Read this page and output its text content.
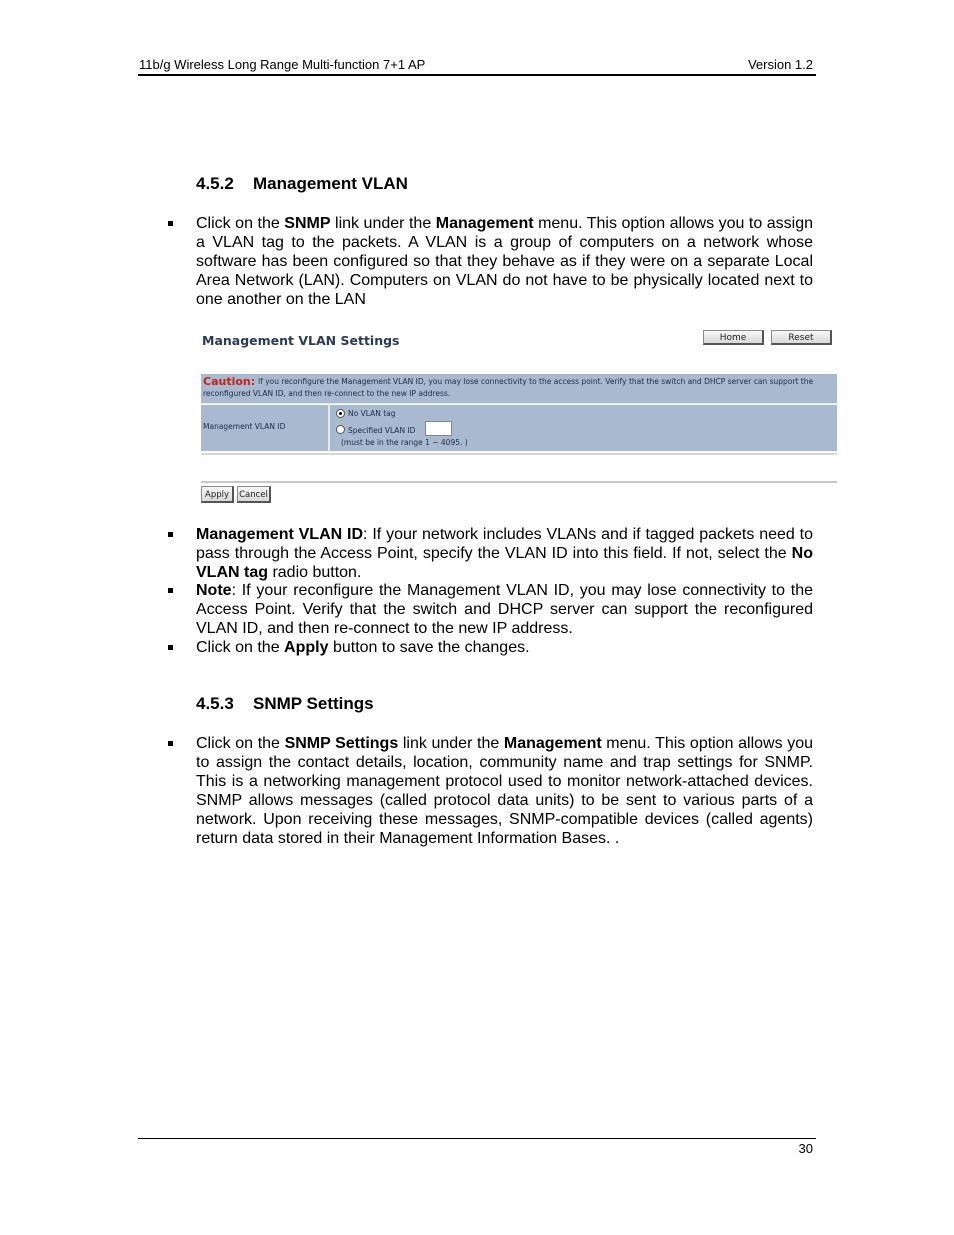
11b/g Wireless Long Range Multi-function 7+1 AP	Version 1.2
4.5.2 Management VLAN
Click on the SNMP link under the Management menu. This option allows you to assign a VLAN tag to the packets. A VLAN is a group of computers on a network whose software has been configured so that they behave as if they were on a separate Local Area Network (LAN). Computers on VLAN do not have to be physically located next to one another on the LAN
Management VLAN Settings	Home	Reset
If you reconfigure the Management VLAN ID, you may lose connectivity to the access point. Verify that the switch and DHCP server can support the reconfigured VLAN ID, and then re-connect to the new IP address.
Caution:
Management VLAN ID
No VLAN tag
Specified VLAN ID
(must be in the range 1 ~ 4095. )
Apply	Cancel
Management VLAN ID: If your network includes VLANs and if tagged packets need to pass through the Access Point, specify the VLAN ID into this field. If not, select the No VLAN tag radio button.
Note: If your reconfigure the Management VLAN ID, you may lose connectivity to the Access Point. Verify that the switch and DHCP server can support the reconfigured VLAN ID, and then re-connect to the new IP address.
Click on the Apply button to save the changes.
4.5.3 SNMP Settings
Click on the SNMP Settings link under the Management menu. This option allows you to assign the contact details, location, community name and trap settings for SNMP. This is a networking management protocol used to monitor network-attached devices. SNMP allows messages (called protocol data units) to be sent to various parts of a network. Upon receiving these messages, SNMP-compatible devices (called agents) return data stored in their Management Information Bases. .
30
